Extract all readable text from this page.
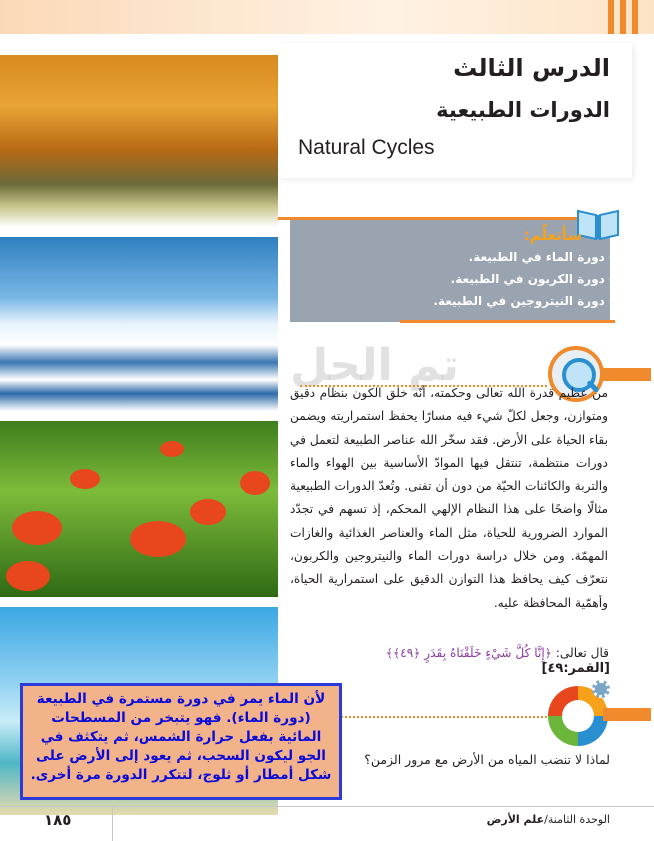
الدرس الثالث
الدورات الطبيعية
Natural Cycles
سأتعلّم:
- دورة الماء في الطبيعة.
- دورة الكربون في الطبيعة.
- دورة النيتروجين في الطبيعة.
تم الحل
من عظيم قدرة الله تعالى وحكمته، أنّه خلق الكون بنظام دقيق ومتوازن، وجعل لكلّ شيء فيه مسارًا يحفظ استمراريته ويضمن بقاء الحياة على الأرض. فقد سخّر الله عناصر الطبيعة لتعمل في دورات منتظمة، تنتقل فيها الموادّ الأساسية بين الهواء والماء والتربة والكائنات الحيّة من دون أن تفنى. وتُعدّ الدورات الطبيعية مثالًا واضحًا على هذا النظام الإلهي المحكم، إذ تسهم في تجدّد الموارد الضرورية للحياة، مثل الماء والعناصر الغذائية والغازات المهمّة. ومن خلال دراسة دورات الماء والنيتروجين والكربون، نتعرّف كيف يحافظ هذا التوازن الدقيق على استمرارية الحياة، وأهمّية المحافظة عليه.
قال تعالى: ﴿إِنَّا كُلَّ شَيْءٍ خَلَقْنَاهُ بِقَدَرٍ ﴿٤٩﴾﴾
[القمر:٤٩]
لماذا لا تنضب المياه من الأرض مع مرور الزمن؟
لأن الماء يمر في دورة مستمرة في الطبيعة (دورة الماء). فهو يتبخر من المسطحات المائية بفعل حرارة الشمس، ثم يتكثف في الجو ليكون السحب، ثم يعود إلى الأرض على شكل أمطار أو ثلوج، لتتكرر الدورة مرة أخرى.
١٨٥	الوحدة الثامنة/علم الأرض
